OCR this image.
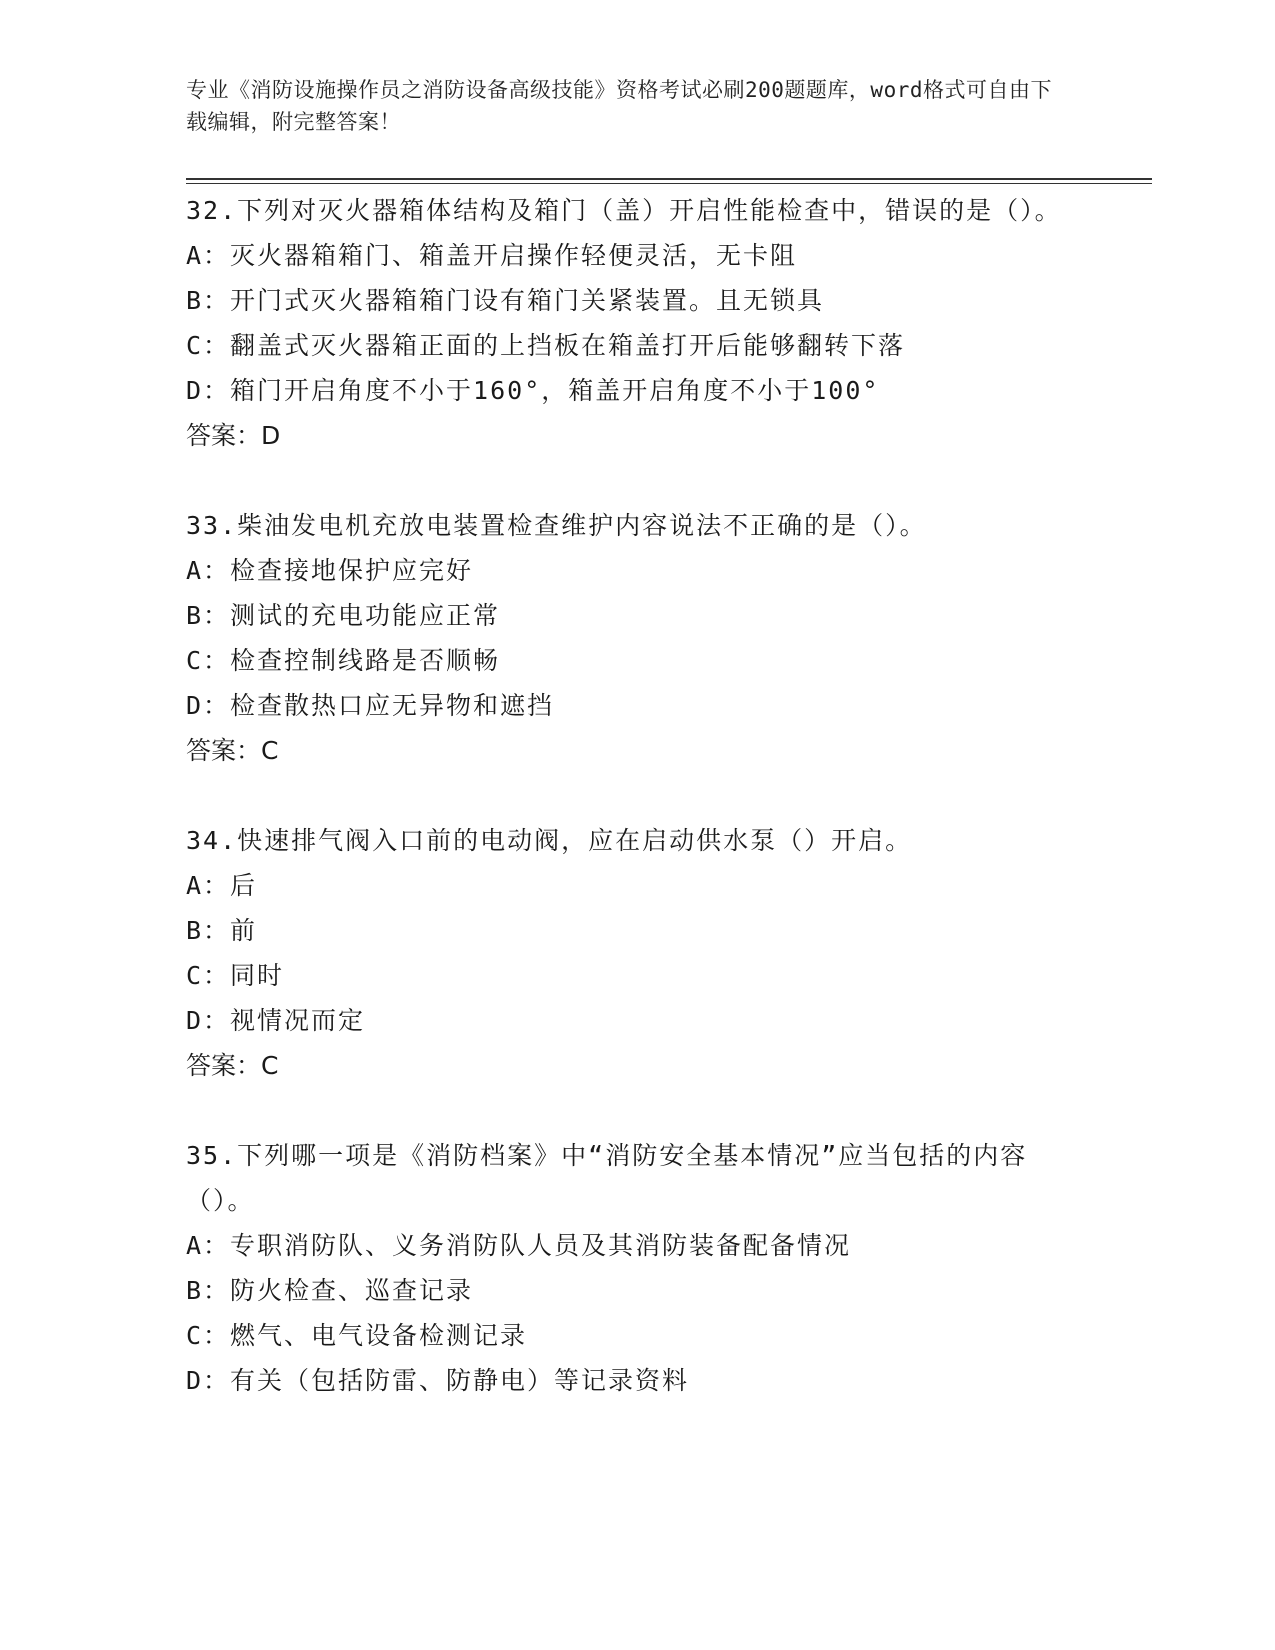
专业《消防设施操作员之消防设备高级技能》资格考试必刷200题题库，word格式可自由下载编辑，附完整答案！
32.下列对灭火器箱体结构及箱门（盖）开启性能检查中，错误的是（）。
A：灭火器箱箱门、箱盖开启操作轻便灵活，无卡阻
B：开门式灭火器箱箱门设有箱门关紧装置。且无锁具
C：翻盖式灭火器箱正面的上挡板在箱盖打开后能够翻转下落
D：箱门开启角度不小于160°，箱盖开启角度不小于100°
答案：D
33.柴油发电机充放电装置检查维护内容说法不正确的是（）。
A：检查接地保护应完好
B：测试的充电功能应正常
C：检查控制线路是否顺畅
D：检查散热口应无异物和遮挡
答案：C
34.快速排气阀入口前的电动阀，应在启动供水泵（）开启。
A：后
B：前
C：同时
D：视情况而定
答案：C
35.下列哪一项是《消防档案》中“消防安全基本情况”应当包括的内容（）。
A：专职消防队、义务消防队人员及其消防装备配备情况
B：防火检查、巡查记录
C：燃气、电气设备检测记录
D：有关（包括防雷、防静电）等记录资料
